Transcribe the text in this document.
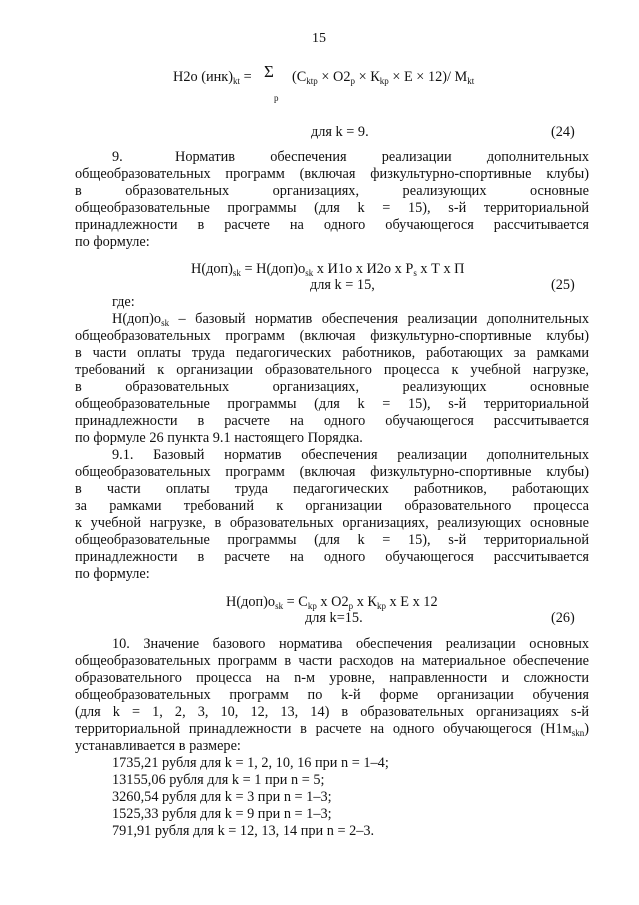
15
Н2о $(инк)_{kt} = \Sigma$
p
$(С_{ktp} \times О2_p \times К_{kp} \times Е \times 12)/$ $М_{kt}$
для k = 9.	(24)
9.	Норматив обеспечения реализации дополнительных
общеобразовательных программ (включая физкультурно-спортивные клубы)
в образовательных организациях, реализующих основные
общеобразовательные программы (для k = 15), s-й территориальной
принадлежности в расчете на одного обучающегося рассчитывается
по формуле:
$Н(доп)_{sk} = Н(доп)о_{sk}$ х И1о х И2о х $Р_s$ х Т х П
для k = 15,	(25)
где:
$Н(доп)о_{sk}$ – базовый норматив обеспечения реализации дополнительных
общеобразовательных программ (включая физкультурно-спортивные клубы)
в части оплаты труда педагогических работников, работающих за рамками
требований к организации образовательного процесса к учебной нагрузке,
в образовательных организациях, реализующих основные
общеобразовательные программы (для k = 15), s-й территориальной
принадлежности в расчете на одного обучающегося рассчитывается
по формуле 26 пункта 9.1 настоящего Порядка.
9.1. Базовый норматив обеспечения реализации дополнительных
общеобразовательных программ (включая физкультурно-спортивные клубы)
в части оплаты труда педагогических работников, работающих
за рамками требований к организации образовательного процесса
к учебной нагрузке, в образовательных организациях, реализующих основные
общеобразовательные программы (для k = 15), s-й территориальной
принадлежности в расчете на одного обучающегося рассчитывается
по формуле:
$Н(доп)о_{sk} = С_{kp}$ х $О2_p$ х $К_{kp}$ х Е х 12
для k=15.	(26)
10. Значение базового норматива обеспечения реализации основных
общеобразовательных программ в части расходов на материальное обеспечение
образовательного процесса на n-м уровне, направленности и сложности
общеобразовательных программ по k-й форме организации обучения
(для k = 1, 2, 3, 10, 12, 13, 14) в образовательных организациях s-й
территориальной принадлежности в расчете на одного обучающегося $(Н1м_{skn})$
устанавливается в размере:
1735,21 рубля для k = 1, 2, 10, 16 при n = 1–4;
13155,06 рубля для k = 1 при n = 5;
3260,54 рубля для k = 3 при n = 1–3;
1525,33 рубля для k = 9 при n = 1–3;
791,91 рубля для k = 12, 13, 14 при n = 2–3.
